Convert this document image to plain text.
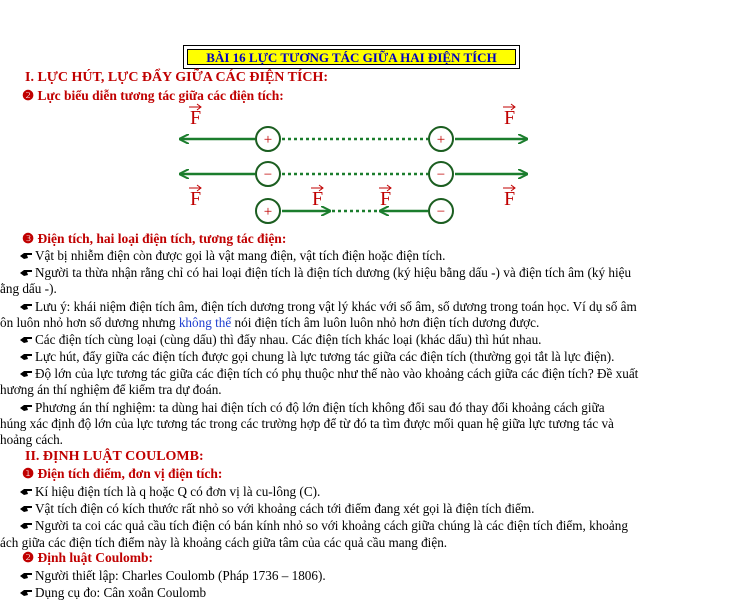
BÀI 16 LỰC TƯƠNG TÁC GIỮA HAI ĐIỆN TÍCH
I. LỰC HÚT, LỰC ĐẨY GIỮA CÁC ĐIỆN TÍCH:
❷ Lực biểu diễn tương tác giữa các điện tích:
+	+
F	F
−	−
F	F
+	−
F	F
❸ Điện tích, hai loại điện tích, tương tác điện:
Vật bị nhiễm điện còn được gọi là vật mang điện, vật tích điện hoặc điện tích.
Người ta thừa nhận rằng chỉ có hai loại điện tích là điện tích dương (ký hiệu bằng dấu -) và điện tích âm (ký hiệu
ằng dấu -).
Lưu ý: khái niệm điện tích âm, điện tích dương trong vật lý khác với số âm, số dương trong toán học. Ví dụ số âm
ôn luôn nhỏ hơn số dương nhưng không thể nói điện tích âm luôn luôn nhỏ hơn điện tích dương được.
Các điện tích cùng loại (cùng dấu) thì đẩy nhau. Các điện tích khác loại (khác dấu) thì hút nhau.
Lực hút, đẩy giữa các điện tích được gọi chung là lực tương tác giữa các điện tích (thường gọi tắt là lực điện).
Độ lớn của lực tương tác giữa các điện tích có phụ thuộc như thế nào vào khoảng cách giữa các điện tích? Đề xuất
hương án thí nghiệm để kiểm tra dự đoán.
Phương án thí nghiệm: ta dùng hai điện tích có độ lớn điện tích không đổi sau đó thay đổi khoảng cách giữa
húng xác định độ lớn của lực tương tác trong các trường hợp để từ đó ta tìm được mối quan hệ giữa lực tương tác và
hoảng cách.
II. ĐỊNH LUẬT COULOMB:
❶ Điện tích điểm, đơn vị điện tích:
Kí hiệu điện tích là q hoặc Q có đơn vị là cu-lông (C).
Vật tích điện có kích thước rất nhỏ so với khoảng cách tới điểm đang xét gọi là điện tích điểm.
Người ta coi các quả cầu tích điện có bán kính nhỏ so với khoảng cách giữa chúng là các điện tích điểm, khoảng
ách giữa các điện tích điểm này là khoảng cách giữa tâm của các quả cầu mang điện.
❷ Định luật Coulomb:
Người thiết lập: Charles Coulomb (Pháp 1736 – 1806).
Dụng cụ đo: Cân xoắn Coulomb
